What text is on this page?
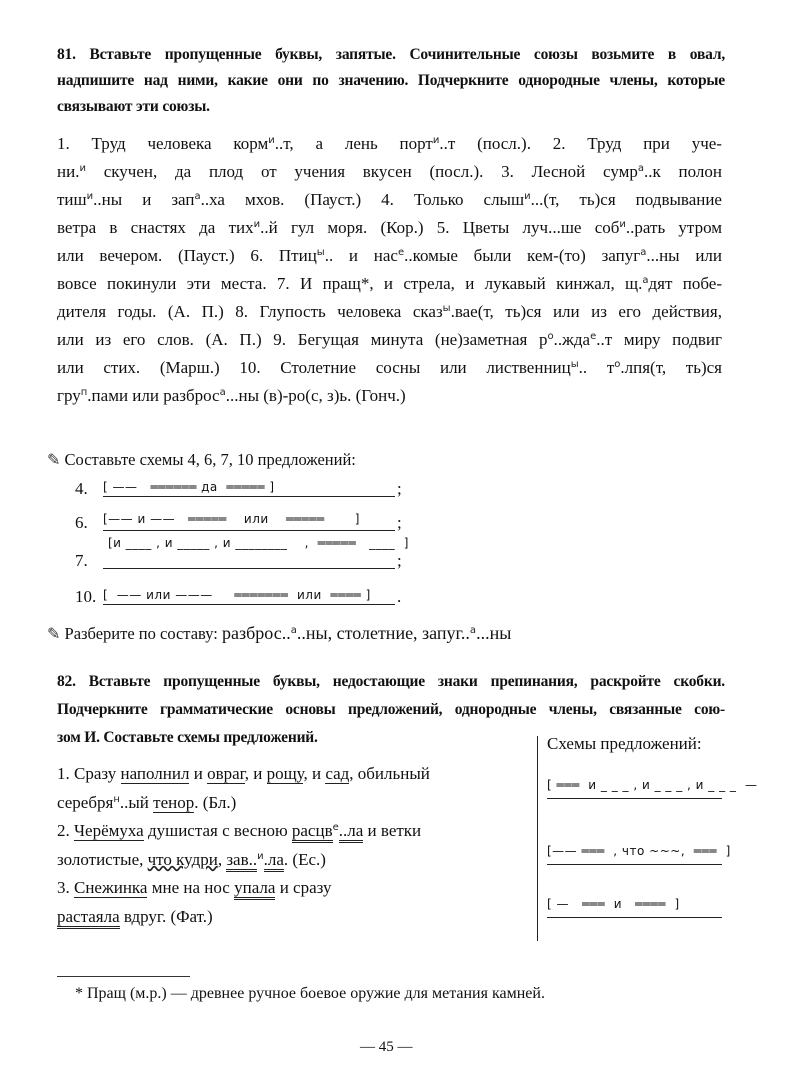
81. Вставьте пропущенные буквы, запятые. Сочинительные союзы возьмите в овал,
надпишите над ними, какие они по значению. Подчеркните однородные члены, которые
связывают эти союзы.
1. Труд человека корм$^и$..т, а лень порт$^и$..т (посл.). 2. Труд при уче-
ни.$^и$ скучен, да плод от учения вкусен (посл.). 3. Лесной сумр$^а$..к полон
тиш$^и$..ны и зап$^а$..ха мхов. (Пауст.) 4. Только слыш$^и$...(т, ть)ся подвывание
ветра в снастях да тих$^и$..й гул моря. (Кор.) 5. Цветы луч...ше соб$^и$..рать утром
или вечером. (Пауст.) 6. Птиц$^ы$.. и нас$^е$..комые были кем-(то) запуг$^а$...ны или
вовсе покинули эти места. 7. И пращ*, и стрела, и лукавый кинжал, щ.$^а$дят побе-
дителя годы. (А. П.) 8. Глупость человека сказ$^ы$.вае(т, ть)ся или из его действия,
или из его слов. (А. П.) 9. Бегущая минута (не)заметная $р^о..жда^е..т$ миру подвиг
или стих. (Марш.) 10. Столетние сосны или лиственниц$^ы$.. $т^о.лпя(т$, ть)ся
гру$^п$.пами или разброс$^а$...ны (в)-ро(с, з)ь. (Гонч.)
✎ Составьте схемы 4, 6, 7, 10 предложений:
4.	;
[ ——   ══════ да  ═════ ]
6.	;
[—— и ——   ═════    или    ═════       ]
7.	;
[и ____ , и _____ , и ________    ,  ═════   ____  ]
10.	.
[  —— или ———     ═══════  или  ════ ]
✎ Разберите по составу: разброс..$^а$..ны, столетние, запуг..$^а$...ны
82. Вставьте пропущенные буквы, недостающие знаки препинания, раскройте скобки.
Подчеркните грамматические основы предложений, однородные члены, связанные сою-
зом И. Составьте схемы предложений.
1. Сразу наполнил и овраг, и рощу, и сад, обильный
серебря$^н$..ый тенор. (Бл.)
2. Черёмуха душистая с весною расцв$^е$..ла и ветки
золотистые, что кудри, зав..$^и$.ла. (Ес.)
3. Снежинка мне на нос упала и сразу
растаяла вдруг. (Фат.)
Схемы предложений:
[ ═══  и _ _ _ , и _ _ _ , и _ _ _  —
[—— ═══  , что ~~~,  ═══  ]
[ —   ═══  и   ════  ]
* Пращ (м.р.) — древнее ручное боевое оружие для метания камней.
— 45 —
